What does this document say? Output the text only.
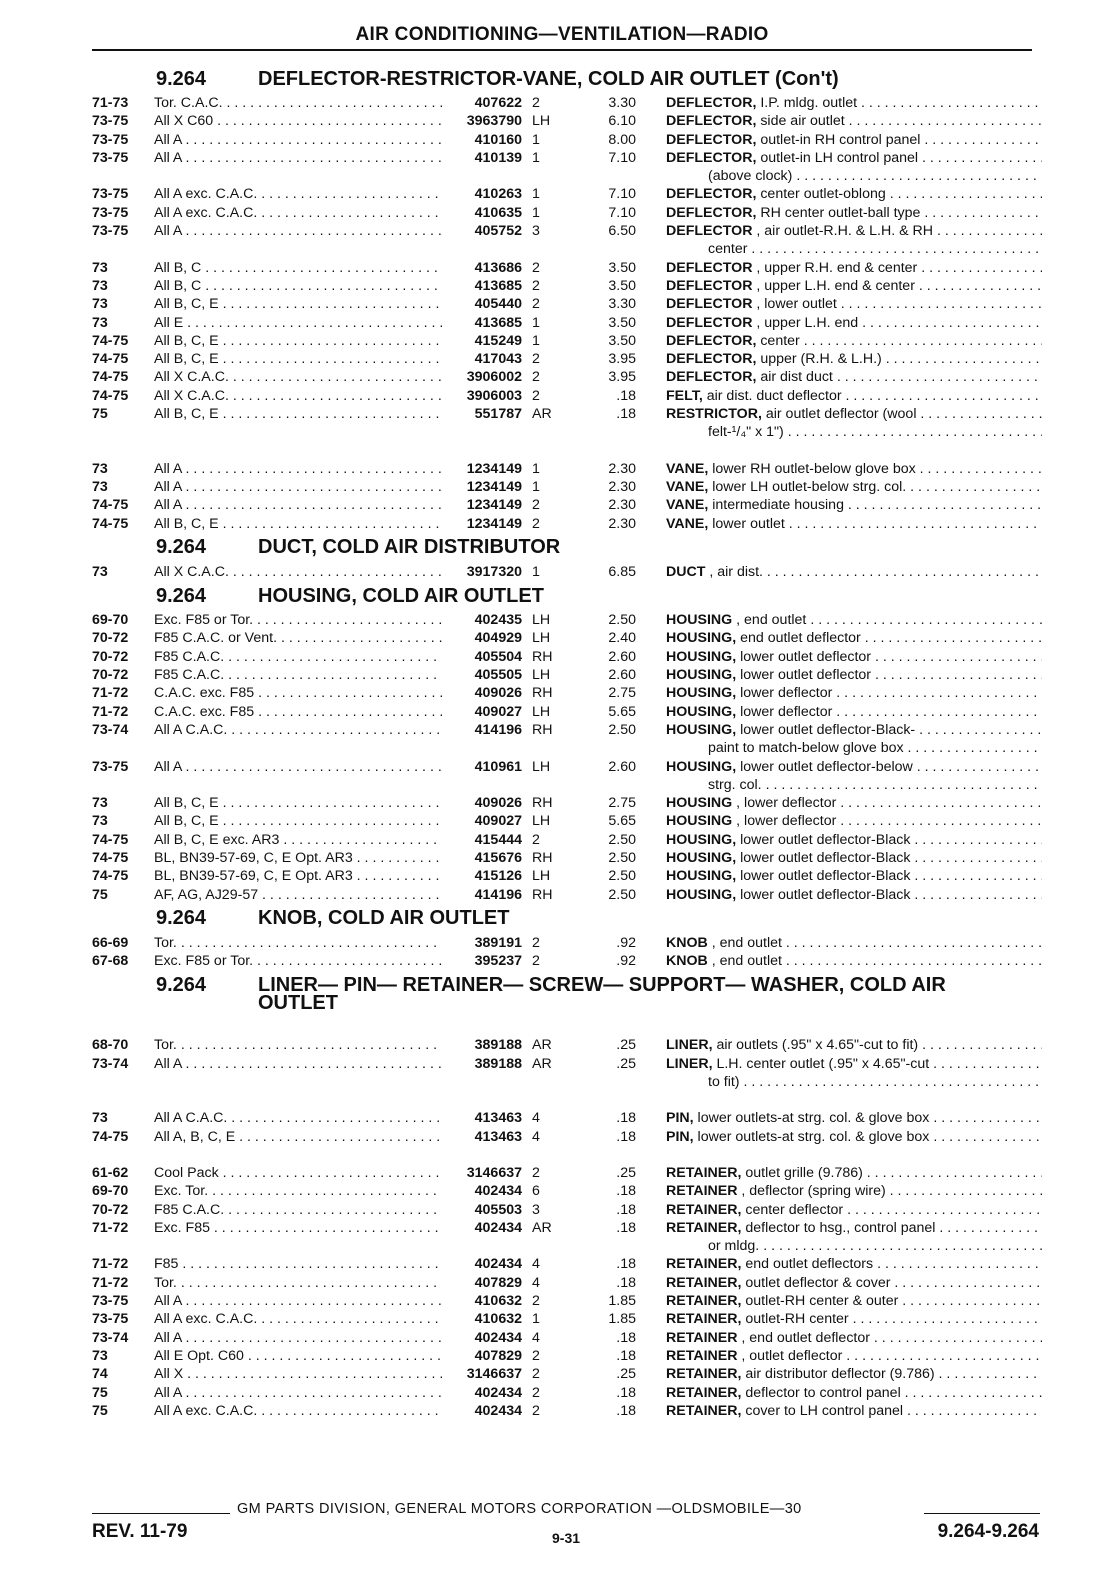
AIR CONDITIONING—VENTILATION—RADIO
9.264	DEFLECTOR-RESTRICTOR-VANE, COLD AIR OUTLET (Con't)
71-73	Tor. C.A.C. . . .	407622 2	3.30	DEFLECTOR, I.P. mldg. outlet . . .
73-75	All X C60 . . .	3963790 LH	6.10	DEFLECTOR, side air outlet . . .
73-75	All A . . .	410160 1	8.00	DEFLECTOR, outlet-in RH control panel . . .
73-75	All A . . .	410139 1	7.10	DEFLECTOR, outlet-in LH control panel . . .
(above clock) . . .
73-75	All A exc. C.A.C. . . .	410263 1	7.10	DEFLECTOR, center outlet-oblong . . .
73-75	All A exc. C.A.C. . . .	410635 1	7.10	DEFLECTOR, RH center outlet-ball type . . .
73-75	All A . . .	405752 3	6.50	DEFLECTOR , air outlet-R.H. & L.H. & RH . . .
center . . .
73	All B, C . . .	413686 2	3.50	DEFLECTOR , upper R.H. end & center . . .
73	All B, C . . .	413685 2	3.50	DEFLECTOR , upper L.H. end & center . . .
73	All B, C, E . . .	405440 2	3.30	DEFLECTOR , lower outlet . . .
73	All E . . .	413685 1	3.50	DEFLECTOR , upper L.H. end . . .
74-75	All B, C, E . . .	415249 1	3.50	DEFLECTOR, center . . .
74-75	All B, C, E . . .	417043 2	3.95	DEFLECTOR, upper (R.H. & L.H.) . . .
74-75	All X C.A.C. . . .	3906002 2	3.95	DEFLECTOR, air dist duct . . .
74-75	All X C.A.C. . . .	3906003 2	.18	FELT, air dist. duct deflector . . .
75	All B, C, E . . .	551787 AR	.18	RESTRICTOR, air outlet deflector (wool . . .
felt-¹/₄" x 1") . . .
73	All A . . .	1234149 1	2.30	VANE, lower RH outlet-below glove box . . .
73	All A . . .	1234149 1	2.30	VANE, lower LH outlet-below strg. col. . . .
74-75	All A . . .	1234149 2	2.30	VANE, intermediate housing . . .
74-75	All B, C, E . . .	1234149 2	2.30	VANE, lower outlet . . .
9.264	DUCT, COLD AIR DISTRIBUTOR
73	All X C.A.C. . . .	3917320 1	6.85	DUCT , air dist. . . .
9.264	HOUSING, COLD AIR OUTLET
69-70	Exc. F85 or Tor. . . .	402435 LH	2.50	HOUSING , end outlet . . .
70-72	F85 C.A.C. or Vent. . . .	404929 LH	2.40	HOUSING, end outlet deflector . . .
70-72	F85 C.A.C. . . .	405504 RH	2.60	HOUSING, lower outlet deflector . . .
70-72	F85 C.A.C. . . .	405505 LH	2.60	HOUSING, lower outlet deflector . . .
71-72	C.A.C. exc. F85 . . .	409026 RH	2.75	HOUSING, lower deflector . . .
71-72	C.A.C. exc. F85 . . .	409027 LH	5.65	HOUSING, lower deflector . . .
73-74	All A C.A.C. . . .	414196 RH	2.50	HOUSING, lower outlet deflector-Black- . . .
paint to match-below glove box . . .
73-75	All A . . .	410961 LH	2.60	HOUSING, lower outlet deflector-below . . .
strg. col. . . .
73	All B, C, E . . .	409026 RH	2.75	HOUSING , lower deflector . . .
73	All B, C, E . . .	409027 LH	5.65	HOUSING , lower deflector . . .
74-75	All B, C, E exc. AR3 . . .	415444 2	2.50	HOUSING, lower outlet deflector-Black . . .
74-75	BL, BN39-57-69, C, E Opt. AR3 . . .	415676 RH	2.50	HOUSING, lower outlet deflector-Black . . .
74-75	BL, BN39-57-69, C, E Opt. AR3 . . .	415126 LH	2.50	HOUSING, lower outlet deflector-Black . . .
75	AF, AG, AJ29-57 . . .	414196 RH	2.50	HOUSING, lower outlet deflector-Black . . .
9.264	KNOB, COLD AIR OUTLET
66-69	Tor. . . .	389191 2	.92	KNOB , end outlet . . .
67-68	Exc. F85 or Tor. . . .	395237 2	.92	KNOB , end outlet . . .
9.264	LINER— PIN— RETAINER— SCREW— SUPPORT— WASHER, COLD AIR
OUTLET
68-70	Tor. . . .	389188 AR	.25	LINER, air outlets (.95" x 4.65"-cut to fit) . . .
73-74	All A . . .	389188 AR	.25	LINER, L.H. center outlet (.95" x 4.65"-cut . . .
to fit) . . .
73	All A C.A.C. . . .	413463 4	.18	PIN, lower outlets-at strg. col. & glove box . . .
74-75	All A, B, C, E . . .	413463 4	.18	PIN, lower outlets-at strg. col. & glove box . . .
61-62	Cool Pack . . .	3146637 2	.25	RETAINER, outlet grille (9.786) . . .
69-70	Exc. Tor. . . .	402434 6	.18	RETAINER , deflector (spring wire) . . .
70-72	F85 C.A.C. . . .	405503 3	.18	RETAINER, center deflector . . .
71-72	Exc. F85 . . .	402434 AR	.18	RETAINER, deflector to hsg., control panel . . .
or mldg. . . .
71-72	F85 . . .	402434 4	.18	RETAINER, end outlet deflectors . . .
71-72	Tor. . . .	407829 4	.18	RETAINER, outlet deflector & cover . . .
73-75	All A . . .	410632 2	1.85	RETAINER, outlet-RH center & outer . . .
73-75	All A exc. C.A.C. . . .	410632 1	1.85	RETAINER, outlet-RH center . . .
73-74	All A . . .	402434 4	.18	RETAINER , end outlet deflector . . .
73	All E Opt. C60 . . .	407829 2	.18	RETAINER , outlet deflector . . .
74	All X . . .	3146637 2	.25	RETAINER, air distributor deflector (9.786) . . .
75	All A . . .	402434 2	.18	RETAINER, deflector to control panel . . .
75	All A exc. C.A.C. . . .	402434 2	.18	RETAINER, cover to LH control panel . . .
GM PARTS DIVISION, GENERAL MOTORS CORPORATION —OLDSMOBILE—30
REV. 11-79	9-31	9.264-9.264
